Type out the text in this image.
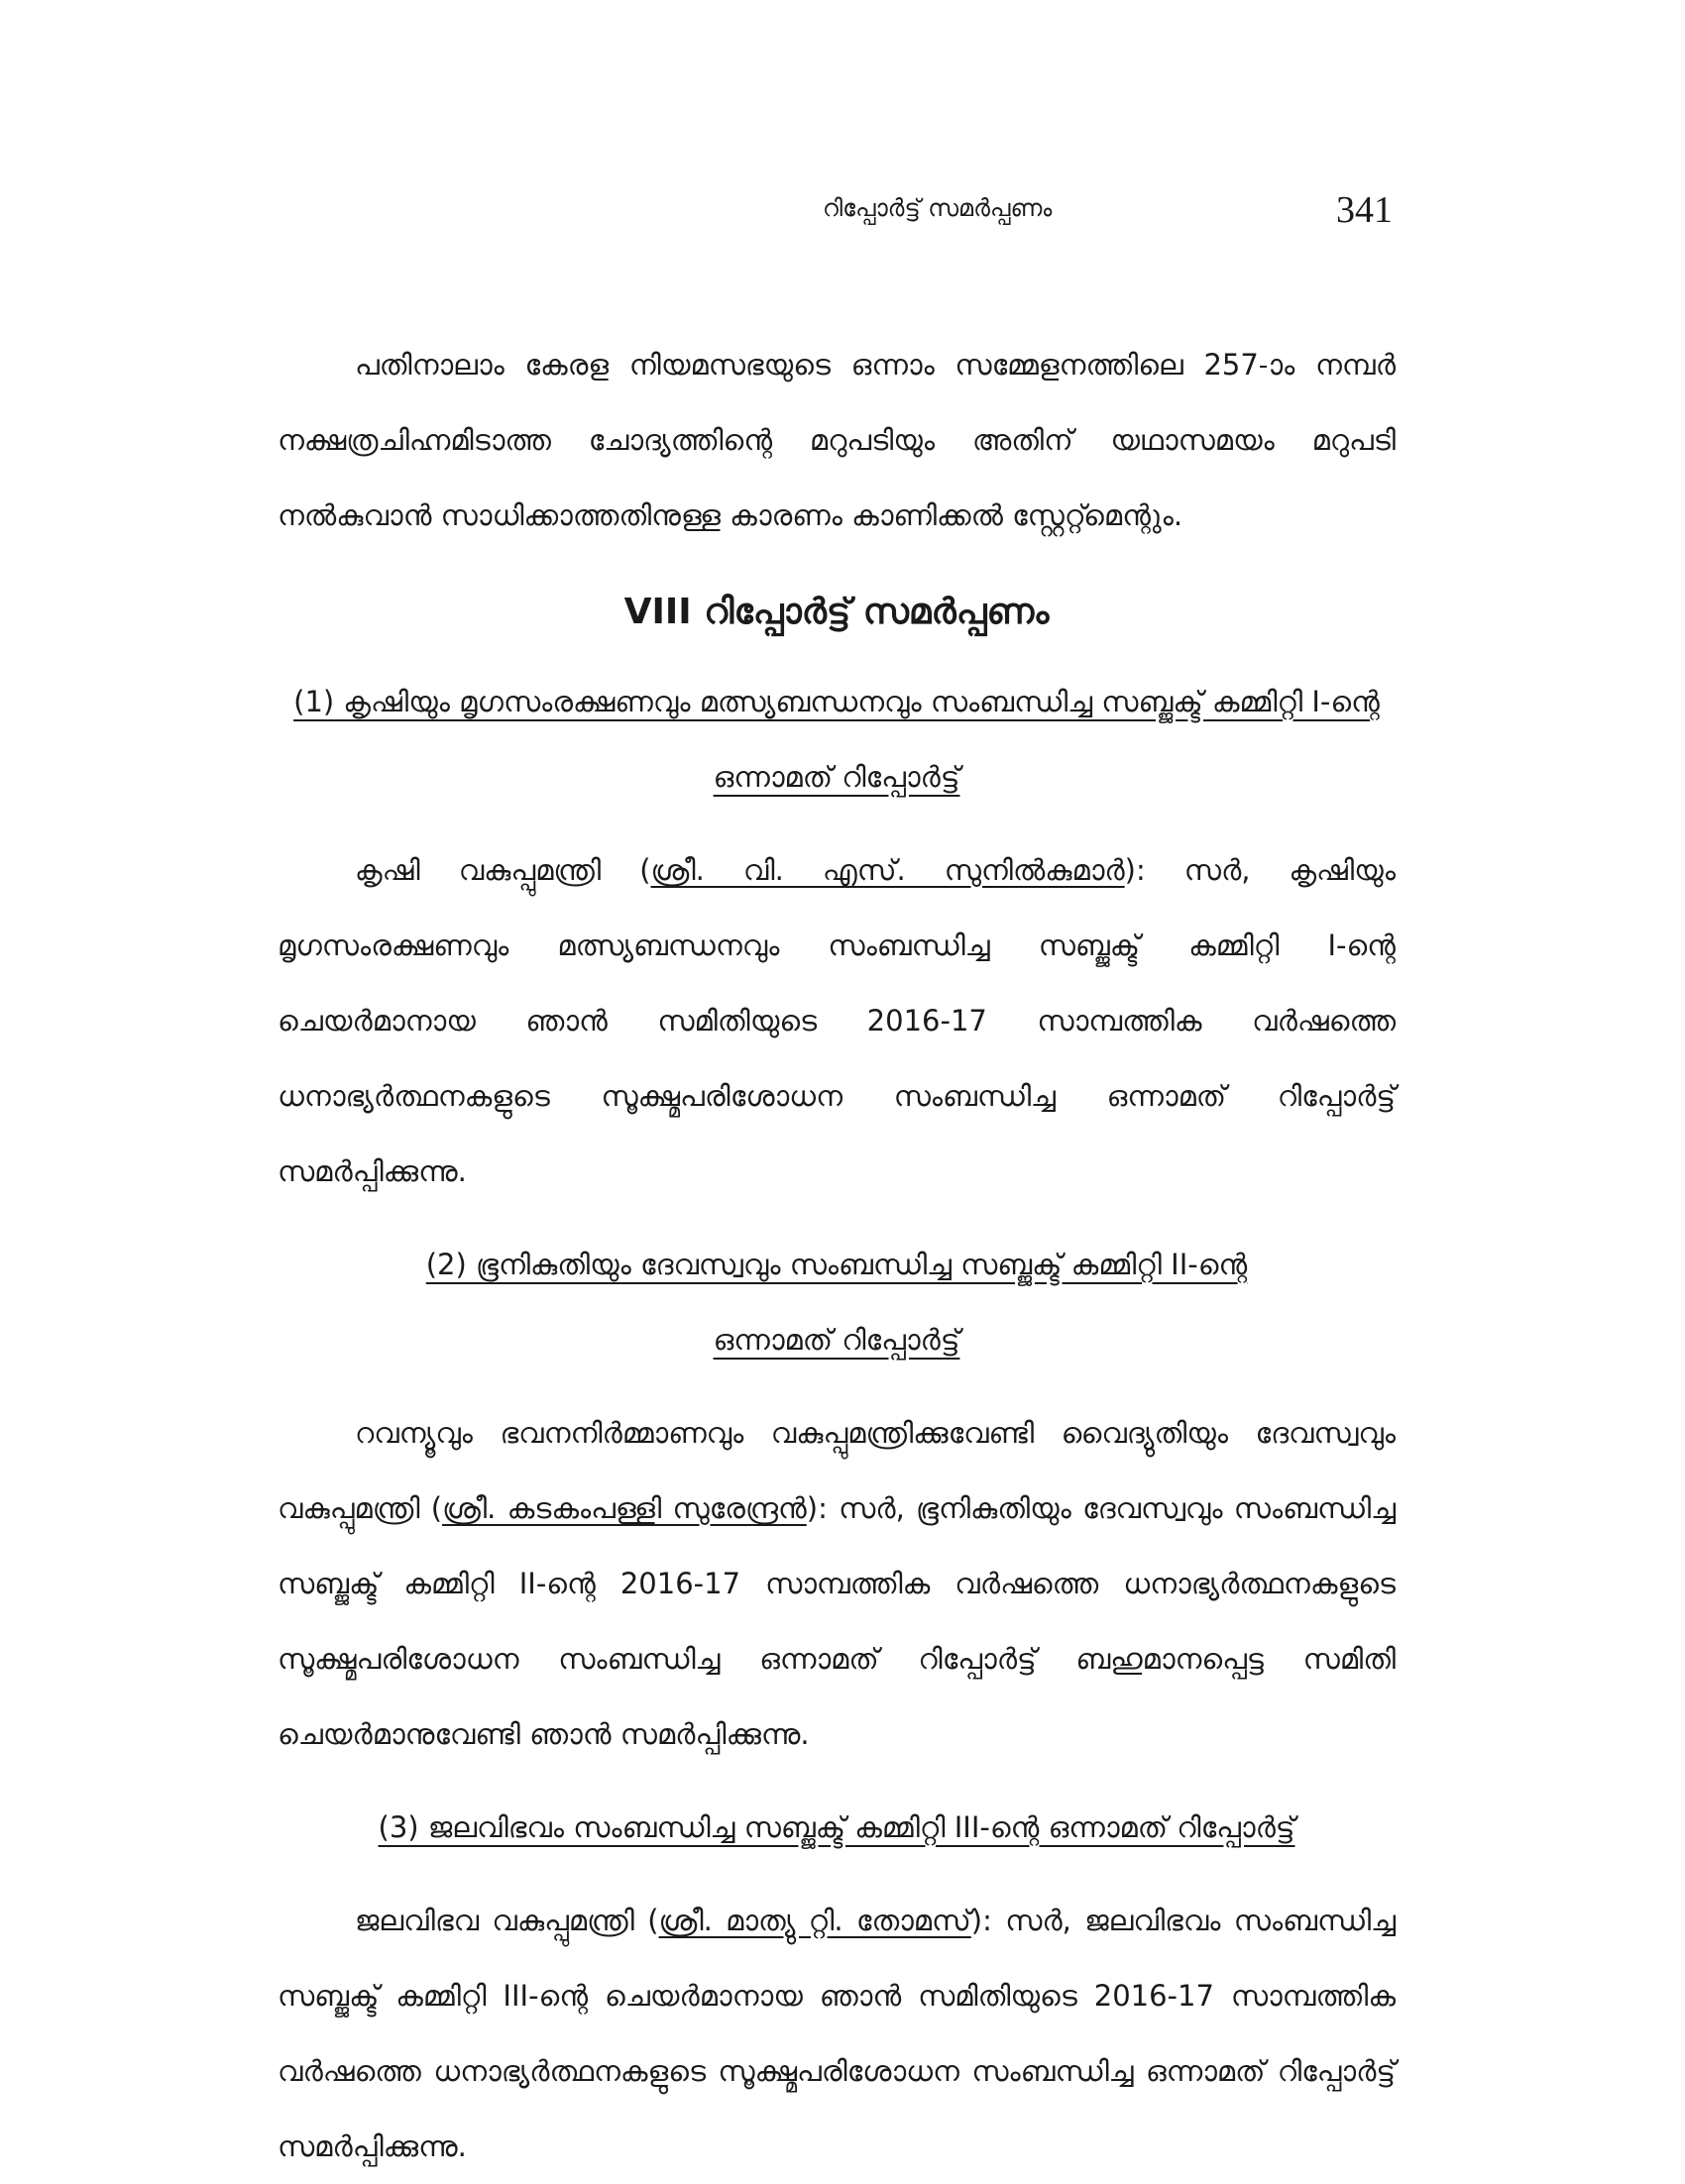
റിപ്പോർട്ട് സമർപ്പണം	341

പതിനാലാം കേരള നിയമസഭയുടെ ഒന്നാം സമ്മേളനത്തിലെ 257-ാം നമ്പർ നക്ഷത്രചിഹ്നമിടാത്ത ചോദ്യത്തിന്റെ മറുപടിയും അതിന് യഥാസമയം മറുപടി നൽകുവാൻ സാധിക്കാത്തതിനുള്ള കാരണം കാണിക്കൽ സ്റ്റേറ്റ്മെന്റും.

VIII റിപ്പോർട്ട് സമർപ്പണം

(1) കൃഷിയും മൃഗസംരക്ഷണവും മത്സ്യബന്ധനവും സംബന്ധിച്ച സബ്ജക്ട് കമ്മിറ്റി I-ന്റെ

ഒന്നാമത് റിപ്പോർട്ട്

കൃഷി വകുപ്പുമന്ത്രി (ശ്രീ. വി. എസ്. സുനിൽകുമാർ): സർ, കൃഷിയും മൃഗസംരക്ഷണവും മത്സ്യബന്ധനവും സംബന്ധിച്ച സബ്ജക്ട് കമ്മിറ്റി I-ന്റെ ചെയർമാനായ ഞാൻ സമിതിയുടെ 2016-17 സാമ്പത്തിക വർഷത്തെ ധനാഭ്യർത്ഥനകളുടെ സൂക്ഷ്മപരിശോധന സംബന്ധിച്ച ഒന്നാമത് റിപ്പോർട്ട് സമർപ്പിക്കുന്നു.

(2) ഭൂനികുതിയും ദേവസ്വവും സംബന്ധിച്ച സബ്ജക്ട് കമ്മിറ്റി II-ന്റെ

ഒന്നാമത് റിപ്പോർട്ട്

റവന്യൂവും ഭവനനിർമ്മാണവും വകുപ്പുമന്ത്രിക്കുവേണ്ടി വൈദ്യുതിയും ദേവസ്വവും വകുപ്പുമന്ത്രി (ശ്രീ. കടകംപള്ളി സുരേന്ദ്രൻ): സർ, ഭൂനികുതിയും ദേവസ്വവും സംബന്ധിച്ച സബ്ജക്ട് കമ്മിറ്റി II-ന്റെ 2016-17 സാമ്പത്തിക വർഷത്തെ ധനാഭ്യർത്ഥനകളുടെ സൂക്ഷ്മപരിശോധന സംബന്ധിച്ച ഒന്നാമത് റിപ്പോർട്ട് ബഹുമാനപ്പെട്ട സമിതി ചെയർമാനുവേണ്ടി ഞാൻ സമർപ്പിക്കുന്നു.

(3) ജലവിഭവം സംബന്ധിച്ച സബ്ജക്ട് കമ്മിറ്റി III-ന്റെ ഒന്നാമത് റിപ്പോർട്ട്

ജലവിഭവ വകുപ്പുമന്ത്രി (ശ്രീ. മാത്യു റ്റി. തോമസ്): സർ, ജലവിഭവം സംബന്ധിച്ച സബ്ജക്ട് കമ്മിറ്റി III-ന്റെ ചെയർമാനായ ഞാൻ സമിതിയുടെ 2016-17 സാമ്പത്തിക വർഷത്തെ ധനാഭ്യർത്ഥനകളുടെ സൂക്ഷ്മപരിശോധന സംബന്ധിച്ച ഒന്നാമത് റിപ്പോർട്ട് സമർപ്പിക്കുന്നു.
